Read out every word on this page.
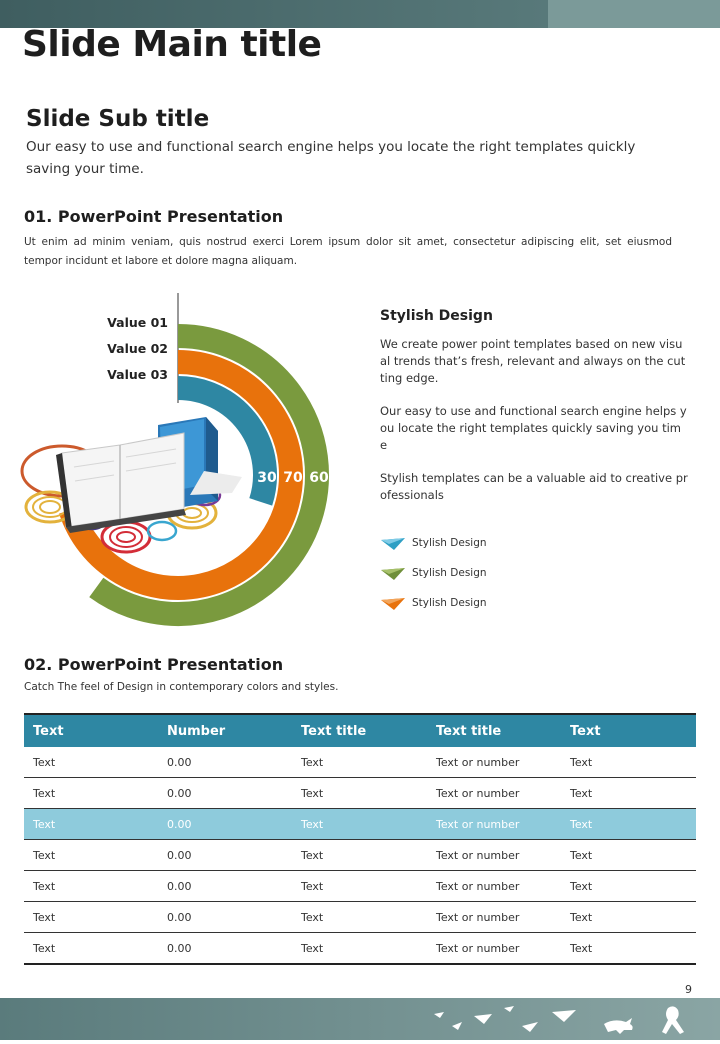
Slide Main title
Slide Sub title

Our easy to use and functional search engine helps you locate the right templates quickly saving your time.

01. PowerPoint Presentation

Ut enim ad minim veniam, quis nostrud exerci Lorem ipsum dolor sit amet, consectetur adipiscing elit, set eiusmod tempor incidunt et labore et dolore magna aliquam.

Value 01
Value 02
Value 03
30 70 60
Stylish Design

We create power point templates based on new visual trends that’s fresh, relevant and always on the cutting edge.

Our easy to use and functional search engine helps you locate the right templates quickly saving you time

Stylish templates can be a valuable aid to creative professionals

Stylish Design
Stylish Design
Stylish Design
02. PowerPoint Presentation

Catch The feel of Design in contemporary colors and styles.

Text	Number	Text title	Text title	Text
Text	0.00	Text	Text or number	Text
Text	0.00	Text	Text or number	Text
Text	0.00	Text	Text or number	Text
Text	0.00	Text	Text or number	Text
Text	0.00	Text	Text or number	Text
Text	0.00	Text	Text or number	Text
Text	0.00	Text	Text or number	Text
9
